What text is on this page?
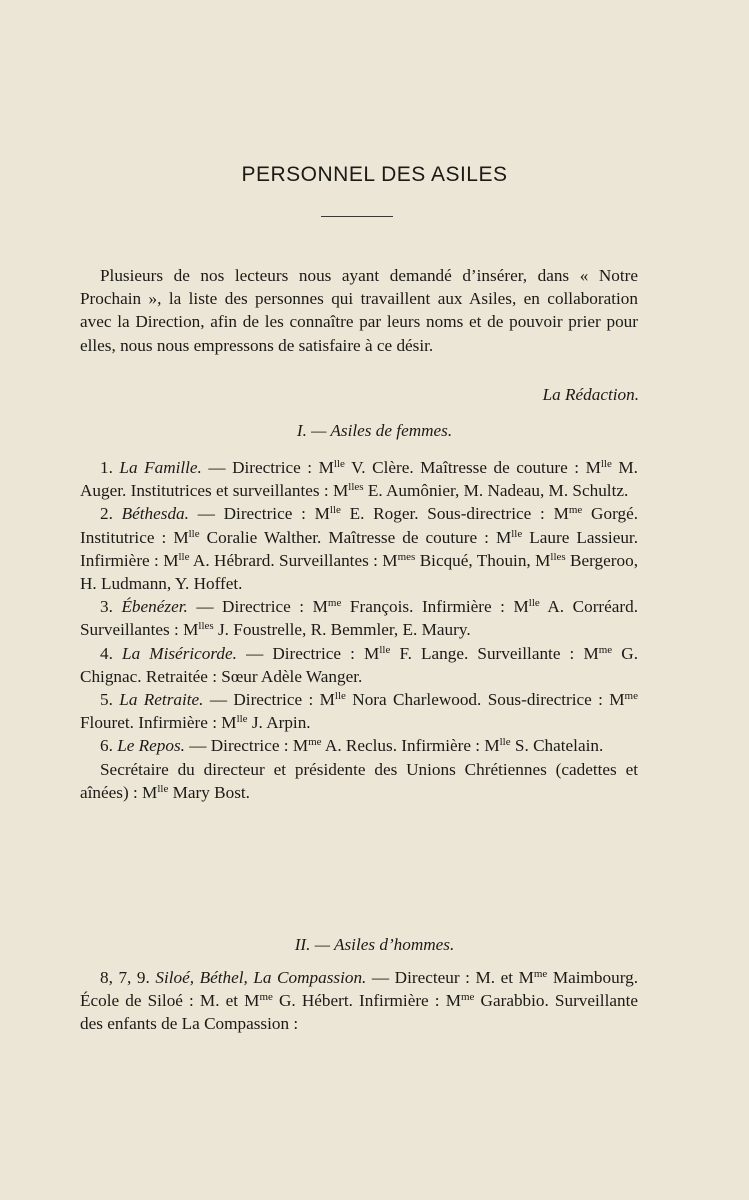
PERSONNEL DES ASILES
Plusieurs de nos lecteurs nous ayant demandé d’insérer, dans « Notre Prochain », la liste des personnes qui travaillent aux Asiles, en collaboration avec la Direction, afin de les connaître par leurs noms et de pouvoir prier pour elles, nous nous empressons de satisfaire à ce désir.
La Rédaction.
I. — Asiles de femmes.

1. La Famille. — Directrice : $M^{lle}$ V. Clère. Maîtresse de couture : $M^{lle}$ M. Auger. Institutrices et surveillantes : $M^{lles}$ E. Aumônier, M. Nadeau, M. Schultz.

2. Béthesda. — Directrice : $M^{lle}$ E. Roger. Sous-directrice : $M^{me}$ Gorgé. Institutrice : $M^{lle}$ Coralie Walther. Maîtresse de couture : $M^{lle}$ Laure Lassieur. Infirmière : $M^{lle}$ A. Hébrard. Surveillantes : $M^{mes}$ Bicqué, Thouin, $M^{lles}$ Bergeroo, H. Ludmann, Y. Hoffet.

3. Ébenézer. — Directrice : $M^{me}$ François. Infirmière : $M^{lle}$ A. Corréard. Surveillantes : $M^{lles}$ J. Foustrelle, R. Bemmler, E. Maury.

4. La Miséricorde. — Directrice : $M^{lle}$ F. Lange. Surveillante : $M^{me}$ G. Chignac. Retraitée : Sœur Adèle Wanger.

5. La Retraite. — Directrice : $M^{lle}$ Nora Charlewood. Sous-directrice : $M^{me}$ Flouret. Infirmière : $M^{lle}$ J. Arpin.

6. Le Repos. — Directrice : $M^{me}$ A. Reclus. Infirmière : $M^{lle}$ S. Chatelain.

Secrétaire du directeur et présidente des Unions Chrétiennes (cadettes et aînées) : $M^{lle}$ Mary Bost.

II. — Asiles d’hommes.

8, 7, 9. Siloé, Béthel, La Compassion. — Directeur : M. et $M^{me}$ Maimbourg. École de Siloé : M. et $M^{me}$ G. Hébert. Infirmière : $M^{me}$ Garabbio. Surveillante des enfants de La Compassion :
